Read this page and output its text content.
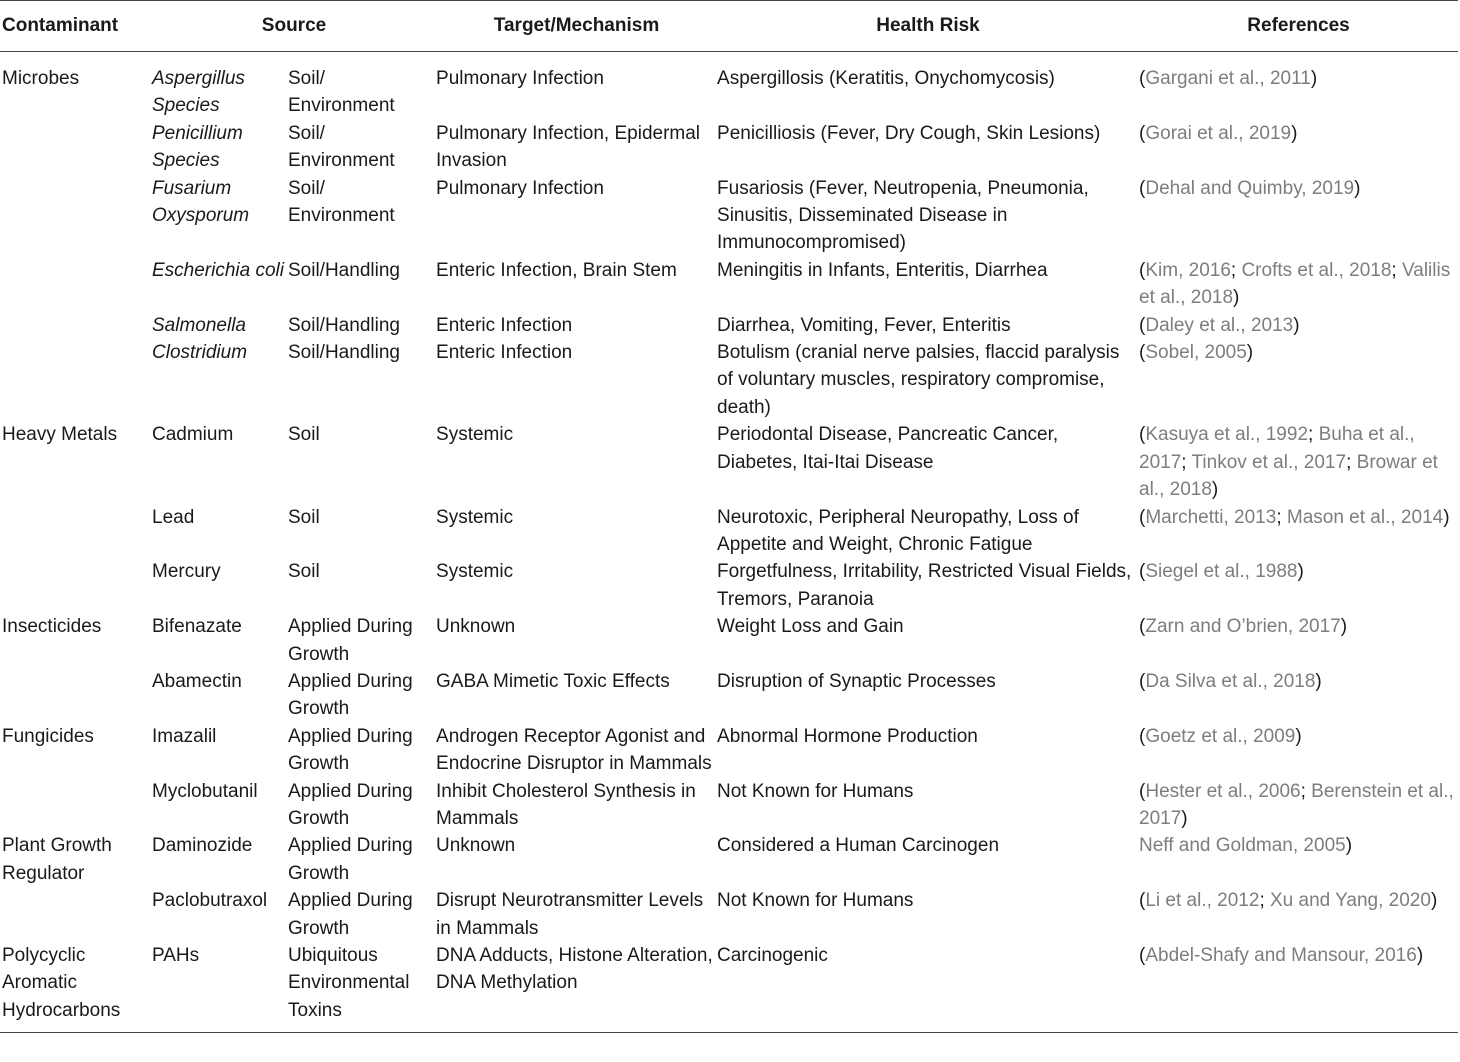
Contaminant	Source		Target/Mechanism	Health Risk	References
Microbes	Aspergillus Species	Soil/ Environment	Pulmonary Infection	Aspergillosis (Keratitis, Onychomycosis)	(Gargani et al., 2011)
	Penicillium Species	Soil/ Environment	Pulmonary Infection, Epidermal Invasion	Penicilliosis (Fever, Dry Cough, Skin Lesions)	(Gorai et al., 2019)
	Fusarium Oxysporum	Soil/ Environment	Pulmonary Infection	Fusariosis (Fever, Neutropenia, Pneumonia, Sinusitis, Disseminated Disease in Immunocompromised)	(Dehal and Quimby, 2019)
	Escherichia coli	Soil/Handling	Enteric Infection, Brain Stem	Meningitis in Infants, Enteritis, Diarrhea	(Kim, 2016; Crofts et al., 2018; Valilis et al., 2018)
	Salmonella	Soil/Handling	Enteric Infection	Diarrhea, Vomiting, Fever, Enteritis	(Daley et al., 2013)
	Clostridium	Soil/Handling	Enteric Infection	Botulism (cranial nerve palsies, flaccid paralysis of voluntary muscles, respiratory compromise, death)	(Sobel, 2005)
Heavy Metals	Cadmium	Soil	Systemic	Periodontal Disease, Pancreatic Cancer, Diabetes, Itai-Itai Disease	(Kasuya et al., 1992; Buha et al., 2017; Tinkov et al., 2017; Browar et al., 2018)
	Lead	Soil	Systemic	Neurotoxic, Peripheral Neuropathy, Loss of Appetite and Weight, Chronic Fatigue	(Marchetti, 2013; Mason et al., 2014)
	Mercury	Soil	Systemic	Forgetfulness, Irritability, Restricted Visual Fields, Tremors, Paranoia	(Siegel et al., 1988)
Insecticides	Bifenazate	Applied During Growth	Unknown	Weight Loss and Gain	(Zarn and O’brien, 2017)
	Abamectin	Applied During Growth	GABA Mimetic Toxic Effects	Disruption of Synaptic Processes	(Da Silva et al., 2018)
Fungicides	Imazalil	Applied During Growth	Androgen Receptor Agonist and Endocrine Disruptor in Mammals	Abnormal Hormone Production	(Goetz et al., 2009)
	Myclobutanil	Applied During Growth	Inhibit Cholesterol Synthesis in Mammals	Not Known for Humans	(Hester et al., 2006; Berenstein et al., 2017)
Plant Growth Regulator	Daminozide	Applied During Growth	Unknown	Considered a Human Carcinogen	Neff and Goldman, 2005)
	Paclobutraxol	Applied During Growth	Disrupt Neurotransmitter Levels in Mammals	Not Known for Humans	(Li et al., 2012; Xu and Yang, 2020)
Polycyclic Aromatic Hydrocarbons	PAHs	Ubiquitous Environmental Toxins	DNA Adducts, Histone Alteration, DNA Methylation	Carcinogenic	(Abdel-Shafy and Mansour, 2016)
